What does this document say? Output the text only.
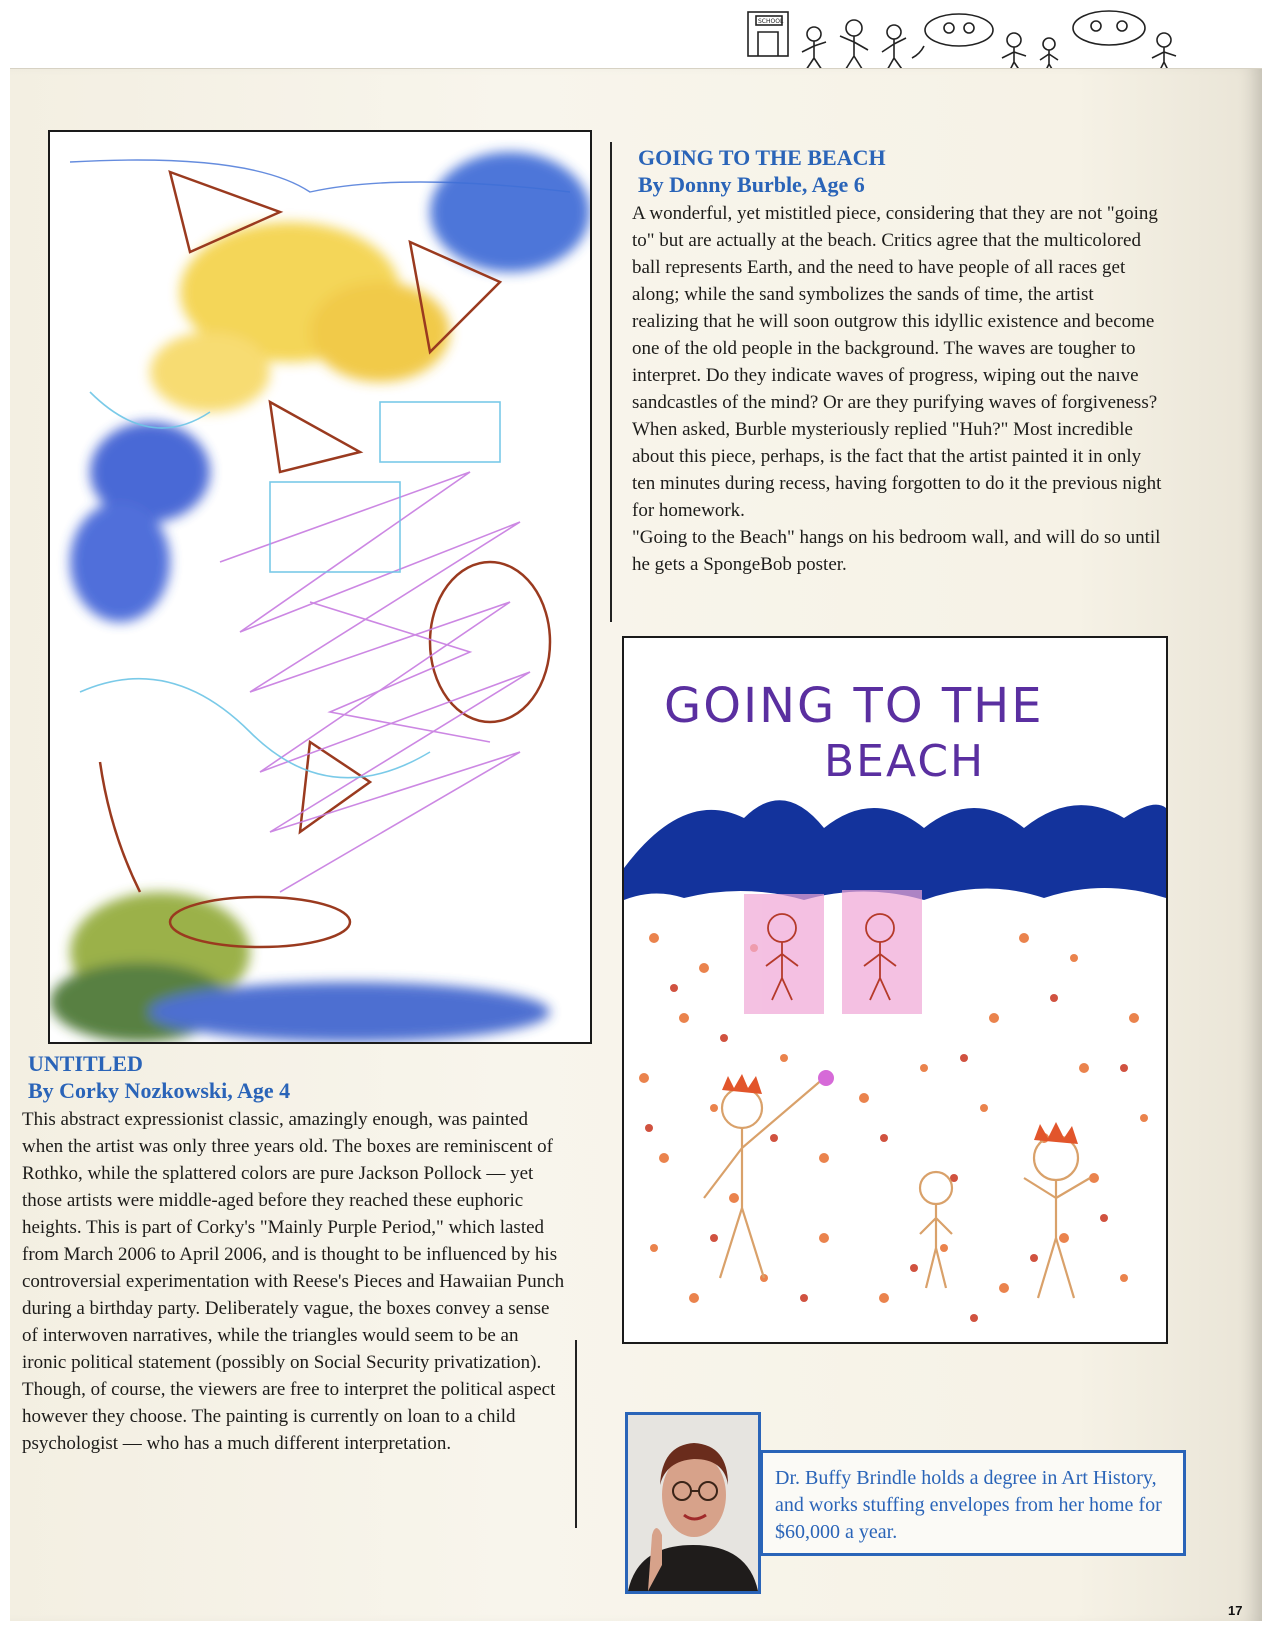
SCHOOL
UNTITLED
By Corky Nozkowski, Age 4

This abstract expressionist classic, amazingly enough, was painted when the artist was only three years old. The boxes are reminiscent of Rothko, while the splattered colors are pure Jackson Pollock — yet those artists were middle-aged before they reached these euphoric heights. This is part of Corky's "Mainly Purple Period," which lasted from March 2006 to April 2006, and is thought to be influenced by his controversial experimentation with Reese's Pieces and Hawaiian Punch during a birthday party. Deliberately vague, the boxes convey a sense of interwoven narratives, while the triangles would seem to be an ironic political statement (possibly on Social Security privatization). Though, of course, the viewers are free to interpret the political aspect however they choose. The painting is currently on loan to a child psychologist — who has a much different interpretation.

GOING TO THE BEACH
By Donny Burble, Age 6

A wonderful, yet mistitled piece, considering that they are not "going to" but are actually at the beach. Critics agree that the multicolored ball represents Earth, and the need to have people of all races get along; while the sand symbolizes the sands of time, the artist realizing that he will soon outgrow this idyllic existence and become one of the old people in the background. The waves are tougher to interpret. Do they indicate waves of progress, wiping out the naıve sandcastles of the mind? Or are they purifying waves of forgiveness? When asked, Burble mysteriously replied "Huh?" Most incredible about this piece, perhaps, is the fact that the artist painted it in only ten minutes during recess, having forgotten to do it the previous night for homework.

"Going to the Beach" hangs on his bedroom wall, and will do so until he gets a SpongeBob poster.

GOING TO THE
BEACH
Dr. Buffy Brindle holds a degree in Art History, and works stuffing envelopes from her home for $60,000 a year.
17
